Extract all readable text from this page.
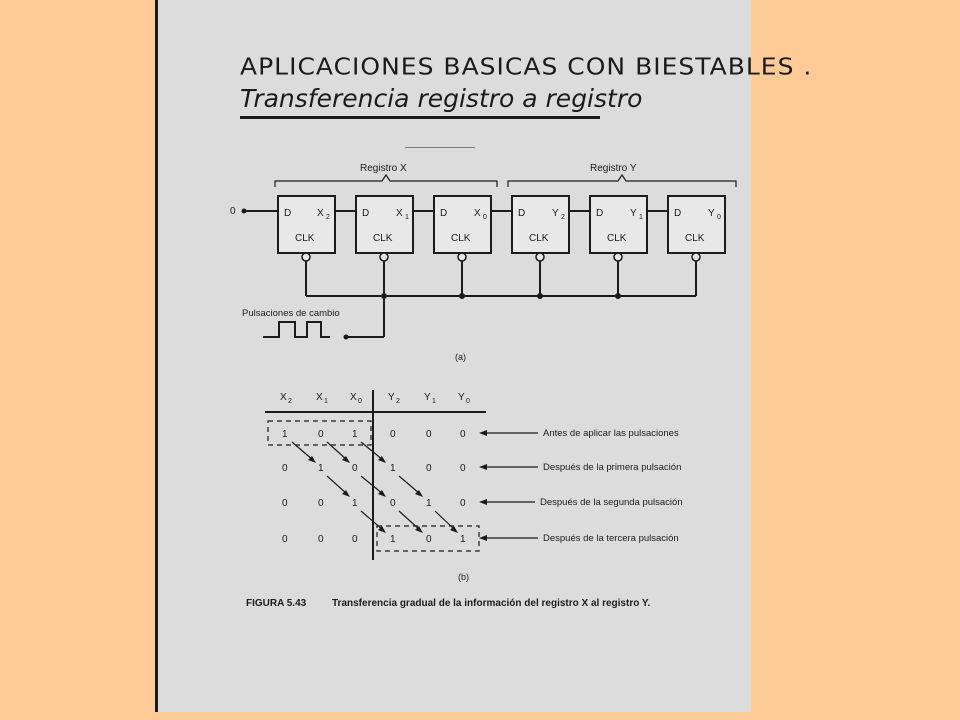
APLICACIONES BASICAS CON BIESTABLES .
Transferencia registro a registro
Registro X	Registro Y
0	D	X 2
CLK
D	X 1
CLK
D	X 0
CLK
D	Y 2
CLK
D	Y 1
CLK
D	Y 0
CLK
Pulsaciones de cambio
(a)
X 2 X 1 X 0	Y 2 Y 1 Y 0
1	0	1	0	0	0
0	1	0	1	0	0
0	0	1	0	1	0
0	0	0	1	0	1
Antes de aplicar las pulsaciones
Después de la primera pulsación
Después de la segunda pulsación
Después de la tercera pulsación
(b)
FIGURA 5.43	Transferencia gradual de la información del registro X al registro Y.
